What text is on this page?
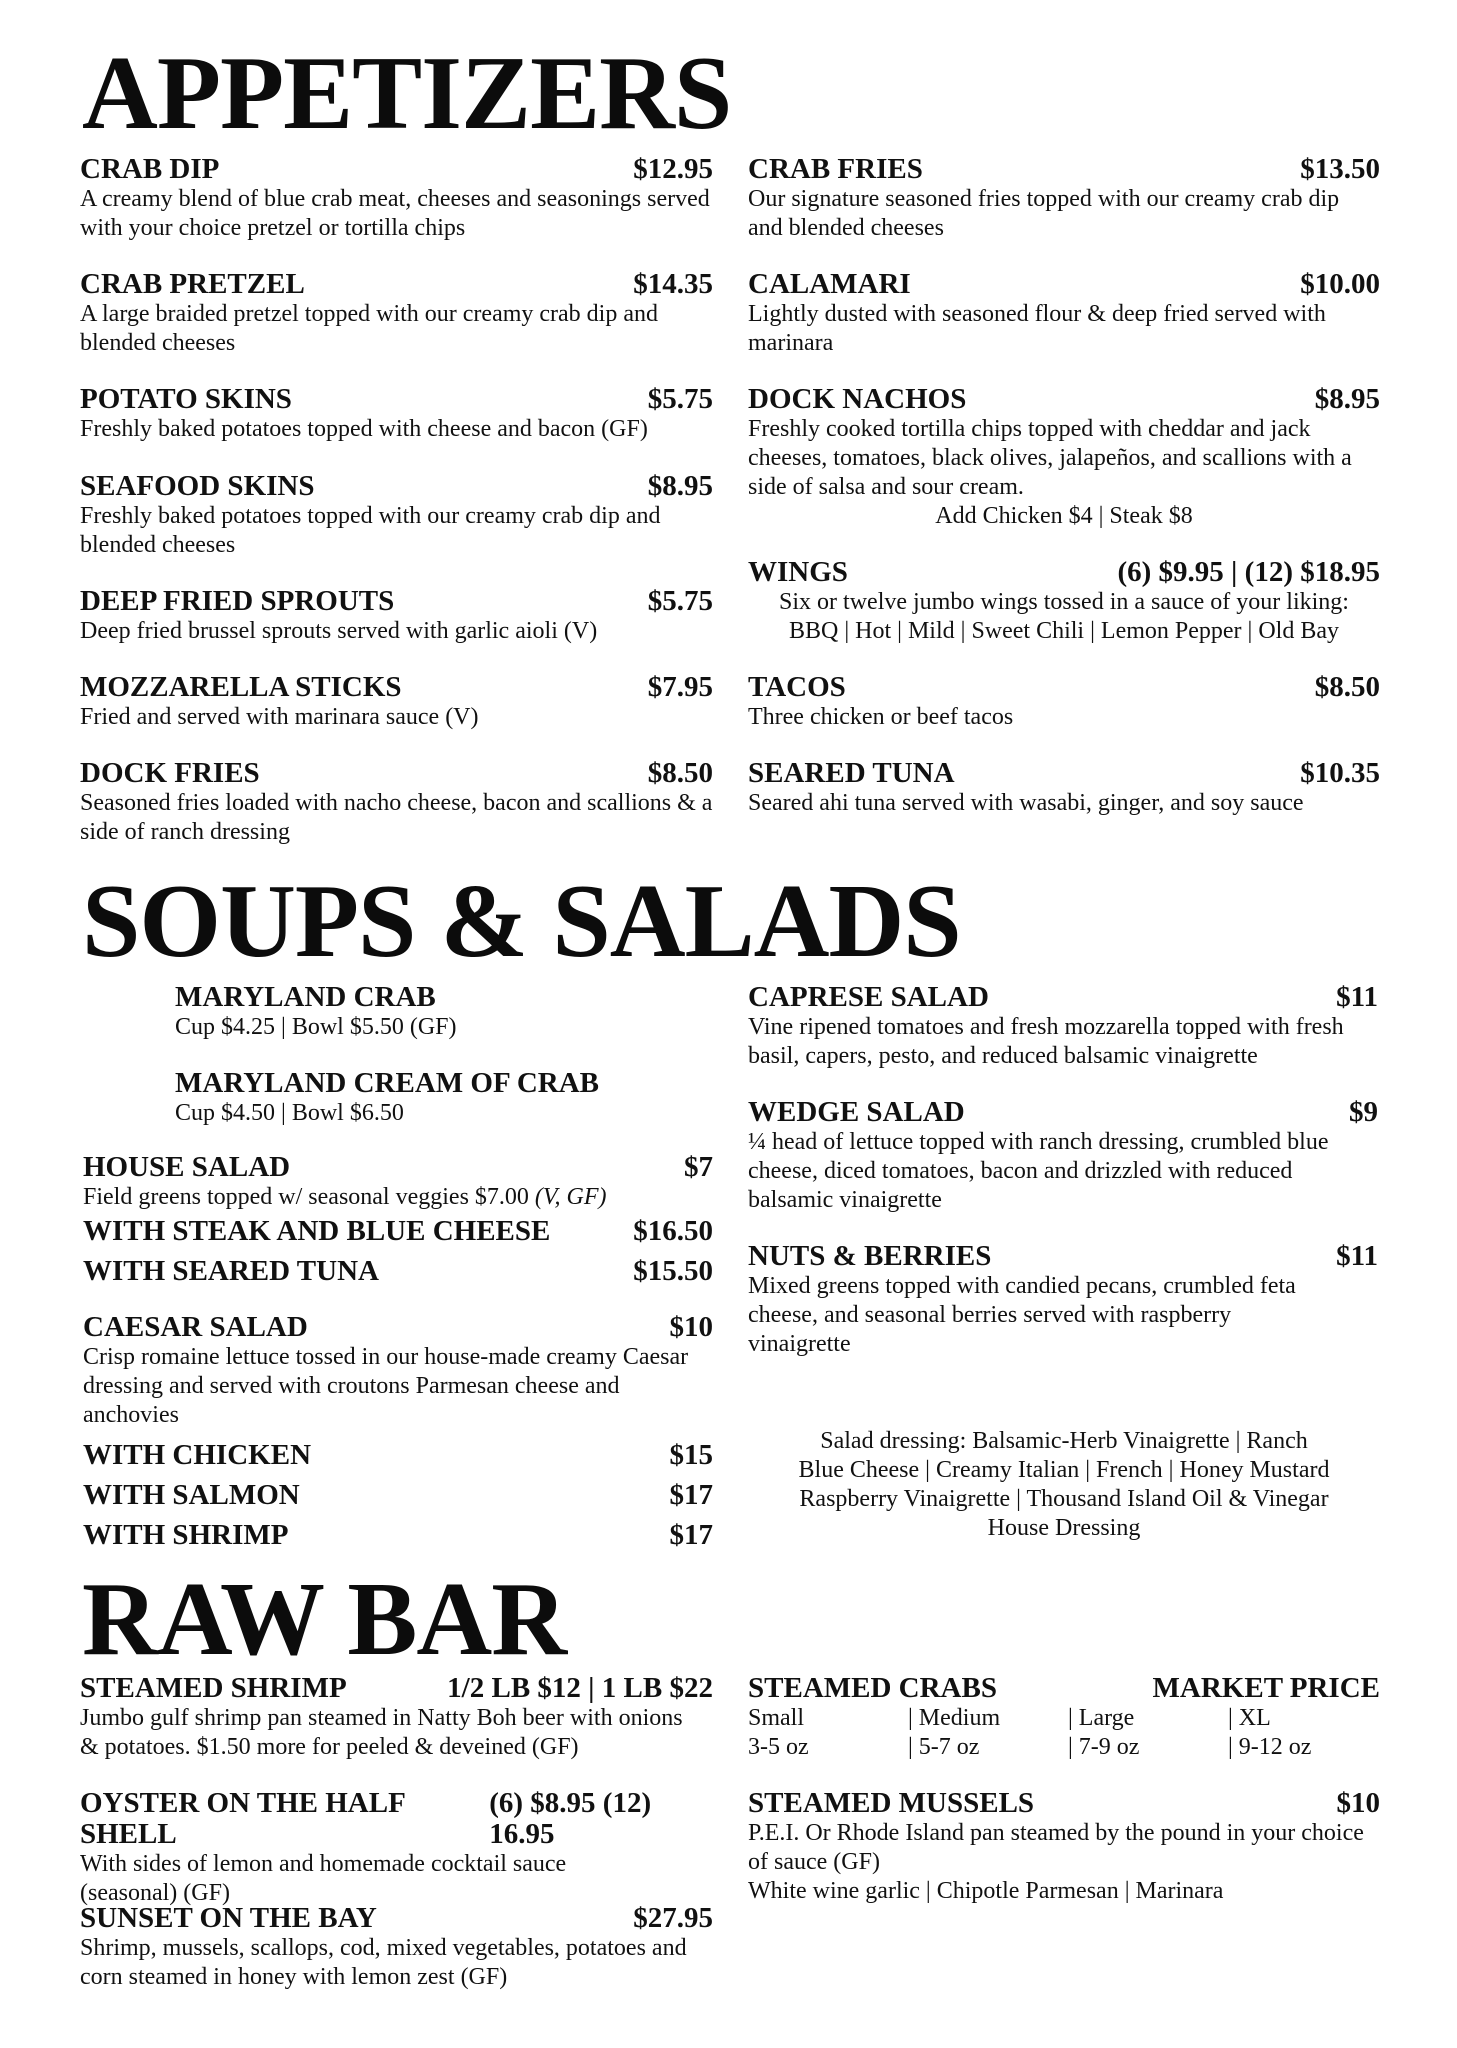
APPETIZERS
CRAB DIP	$12.95
A creamy blend of blue crab meat, cheeses and seasonings served with your choice pretzel or tortilla chips
CRAB PRETZEL	$14.35
A large braided pretzel topped with our creamy crab dip and blended cheeses
POTATO SKINS	$5.75
Freshly baked potatoes topped with cheese and bacon (GF)
SEAFOOD SKINS	$8.95
Freshly baked potatoes topped with our creamy crab dip and blended cheeses
DEEP FRIED SPROUTS	$5.75
Deep fried brussel sprouts served with garlic aioli (V)
MOZZARELLA STICKS	$7.95
Fried and served with marinara sauce (V)
DOCK FRIES	$8.50
Seasoned fries loaded with nacho cheese, bacon and scallions & a side of ranch dressing
CRAB FRIES	$13.50
Our signature seasoned fries topped with our creamy crab dip and blended cheeses
CALAMARI	$10.00
Lightly dusted with seasoned flour & deep fried served with marinara
DOCK NACHOS	$8.95
Freshly cooked tortilla chips topped with cheddar and jack cheeses, tomatoes, black olives, jalapeños, and scallions with a side of salsa and sour cream.
Add Chicken $4 | Steak $8
WINGS	(6) $9.95 | (12) $18.95
Six or twelve jumbo wings tossed in a sauce of your liking:
BBQ | Hot | Mild | Sweet Chili | Lemon Pepper | Old Bay
TACOS	$8.50
Three chicken or beef tacos
SEARED TUNA	$10.35
Seared ahi tuna served with wasabi, ginger, and soy sauce
SOUPS & SALADS
MARYLAND CRAB
Cup $4.25 | Bowl $5.50 (GF)
MARYLAND CREAM OF CRAB
Cup $4.50 | Bowl $6.50
HOUSE SALAD	$7
Field greens topped w/ seasonal veggies $7.00 (V, GF)
WITH STEAK AND BLUE CHEESE	$16.50
WITH SEARED TUNA	$15.50
CAESAR SALAD	$10
Crisp romaine lettuce tossed in our house-made creamy Caesar dressing and served with croutons Parmesan cheese and anchovies
WITH CHICKEN	$15
WITH SALMON	$17
WITH SHRIMP	$17
CAPRESE SALAD	$11
Vine ripened tomatoes and fresh mozzarella topped with fresh basil, capers, pesto, and reduced balsamic vinaigrette
WEDGE SALAD	$9
¼ head of lettuce topped with ranch dressing, crumbled blue cheese, diced tomatoes, bacon and drizzled with reduced balsamic vinaigrette
NUTS & BERRIES	$11
Mixed greens topped with candied pecans, crumbled feta cheese, and seasonal berries served with raspberry vinaigrette
Salad dressing: Balsamic-Herb Vinaigrette | Ranch
Blue Cheese | Creamy Italian | French | Honey Mustard
Raspberry Vinaigrette | Thousand Island Oil & Vinegar
House Dressing
RAW BAR
STEAMED SHRIMP	1/2 LB $12 | 1 LB $22
Jumbo gulf shrimp pan steamed in Natty Boh beer with onions & potatoes. $1.50 more for peeled & deveined (GF)
OYSTER ON THE HALF SHELL
(6) $8.95 (12) 16.95
With sides of lemon and homemade cocktail sauce (seasonal) (GF)
SUNSET ON THE BAY	$27.95
Shrimp, mussels, scallops, cod, mixed vegetables, potatoes and corn steamed in honey with lemon zest (GF)
STEAMED CRABS	MARKET PRICE
Small	| Medium	| Large	| XL
3-5 oz	| 5-7 oz	| 7-9 oz	| 9-12 oz
STEAMED MUSSELS	$10
P.E.I. Or Rhode Island pan steamed by the pound in your choice of sauce (GF)
White wine garlic | Chipotle Parmesan | Marinara
